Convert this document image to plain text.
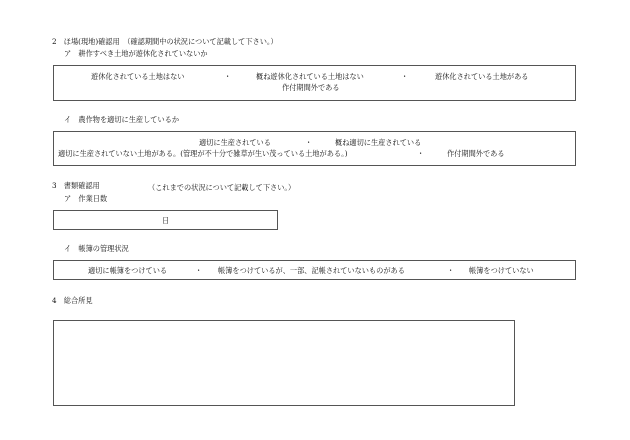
2　ほ場(現地)確認用　（確認期間中の状況について記載して下さい。）
ア　耕作すべき土地が遊休化されていないか
遊休化されている土地はない	・	概ね遊休化されている土地はない	・	遊休化されている土地がある
作付期間外である
イ　農作物を適切に生産しているか
適切に生産されている	・	概ね適切に生産されている
適切に生産されていない土地がある。(管理が不十分で雑草が生い茂っている土地がある。)	・	作付期間外である
3　書類確認用	（これまでの状況について記載して下さい。）
ア　作業日数
日
イ　帳簿の管理状況
適切に帳簿をつけている	・ 帳簿をつけているが、一部、記帳されていないものがある	・ 帳簿をつけていない
4　総合所見
